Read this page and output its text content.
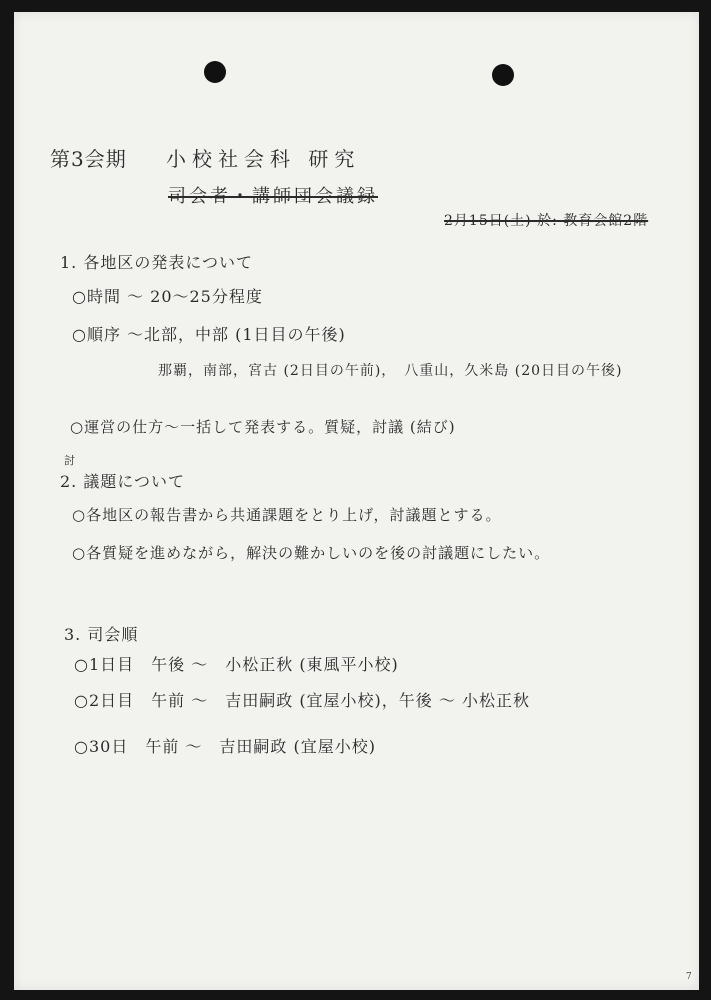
第3会期 小校社会科 研究
司会者・講師団会議録
2月15日(土) 於: 教育会館2階
1. 各地区の発表について
○時間 ～ 20～25分程度
○順序 ～北部，中部 (1日目の午後)
那覇，南部，宮古 (2日目の午前)，　八重山，久米島 (20日目の午後)
○運営の仕方～一括して発表する。質疑，討議 (結び)
討
2. 議題について
○各地区の報告書から共通課題をとり上げ，討議題とする。
○各質疑を進めながら，解決の難かしいのを後の討議題にしたい。
3. 司会順
○1日目　午後 ～　小松正秋 (東風平小校)
○2日目　午前 ～　吉田嗣政 (宜屋小校)，午後 ～ 小松正秋
○30日　午前 ～　吉田嗣政 (宜屋小校)
7
